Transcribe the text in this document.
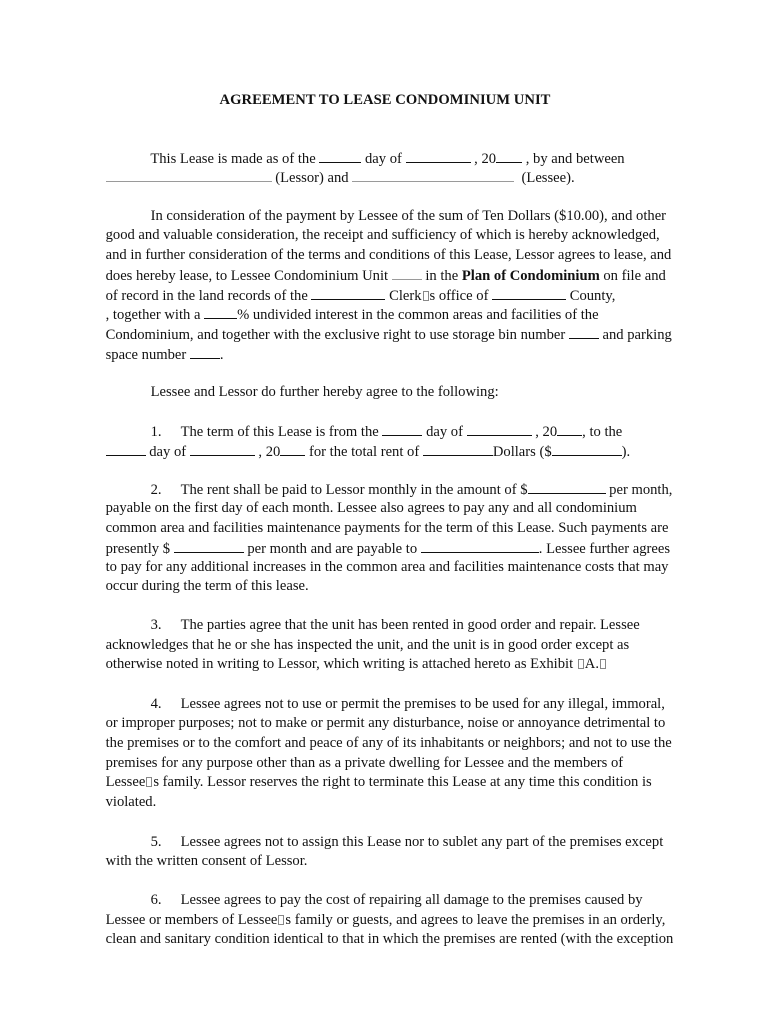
AGREEMENT TO LEASE CONDOMINIUM UNIT

This Lease is made as of the	day of	, 20 , by and between

(Lessor) and	(Lessee).

In consideration of the payment by Lessee of the sum of Ten Dollars ($10.00), and other

good and valuable consideration, the receipt and sufficiency of which is hereby acknowledged,

and in further consideration of the terms and conditions of this Lease, Lessor agrees to lease, and

does hereby lease, to Lessee Condominium Unit  in the Plan of Condominium on file and

of record in the land records of the	Clerk s office of	County,

, together with a % undivided interest in the common areas and facilities of the

Condominium, and together with the exclusive right to use storage bin number  and parking

space number .

Lessee and Lessor do further hereby agree to the following:

1. The term of this Lease is from the	day of	, 20 , to the

day of	, 20 for the total rent of	Dollars ($	).

2. The rent shall be paid to Lessor monthly in the amount of $	per month,

payable on the first day of each month. Lessee also agrees to pay any and all condominium

common area and facilities maintenance payments for the term of this Lease. Such payments are

presently $	per month and are payable to	. Lessee further agrees

to pay for any additional increases in the common area and facilities maintenance costs that may

occur during the term of this lease.

3. The parties agree that the unit has been rented in good order and repair. Lessee

acknowledges that he or she has inspected the unit, and the unit is in good order except as

otherwise noted in writing to Lessor, which writing is attached hereto as Exhibit A.

4. Lessee agrees not to use or permit the premises to be used for any illegal, immoral,

or improper purposes; not to make or permit any disturbance, noise or annoyance detrimental to

the premises or to the comfort and peace of any of its inhabitants or neighbors; and not to use the

premises for any purpose other than as a private dwelling for Lessee and the members of

Lessee s family. Lessor reserves the right to terminate this Lease at any time this condition is

violated.

5. Lessee agrees not to assign this Lease nor to sublet any part of the premises except

with the written consent of Lessor.

6. Lessee agrees to pay the cost of repairing all damage to the premises caused by

Lessee or members of Lessee s family or guests, and agrees to leave the premises in an orderly,

clean and sanitary condition identical to that in which the premises are rented (with the exception
